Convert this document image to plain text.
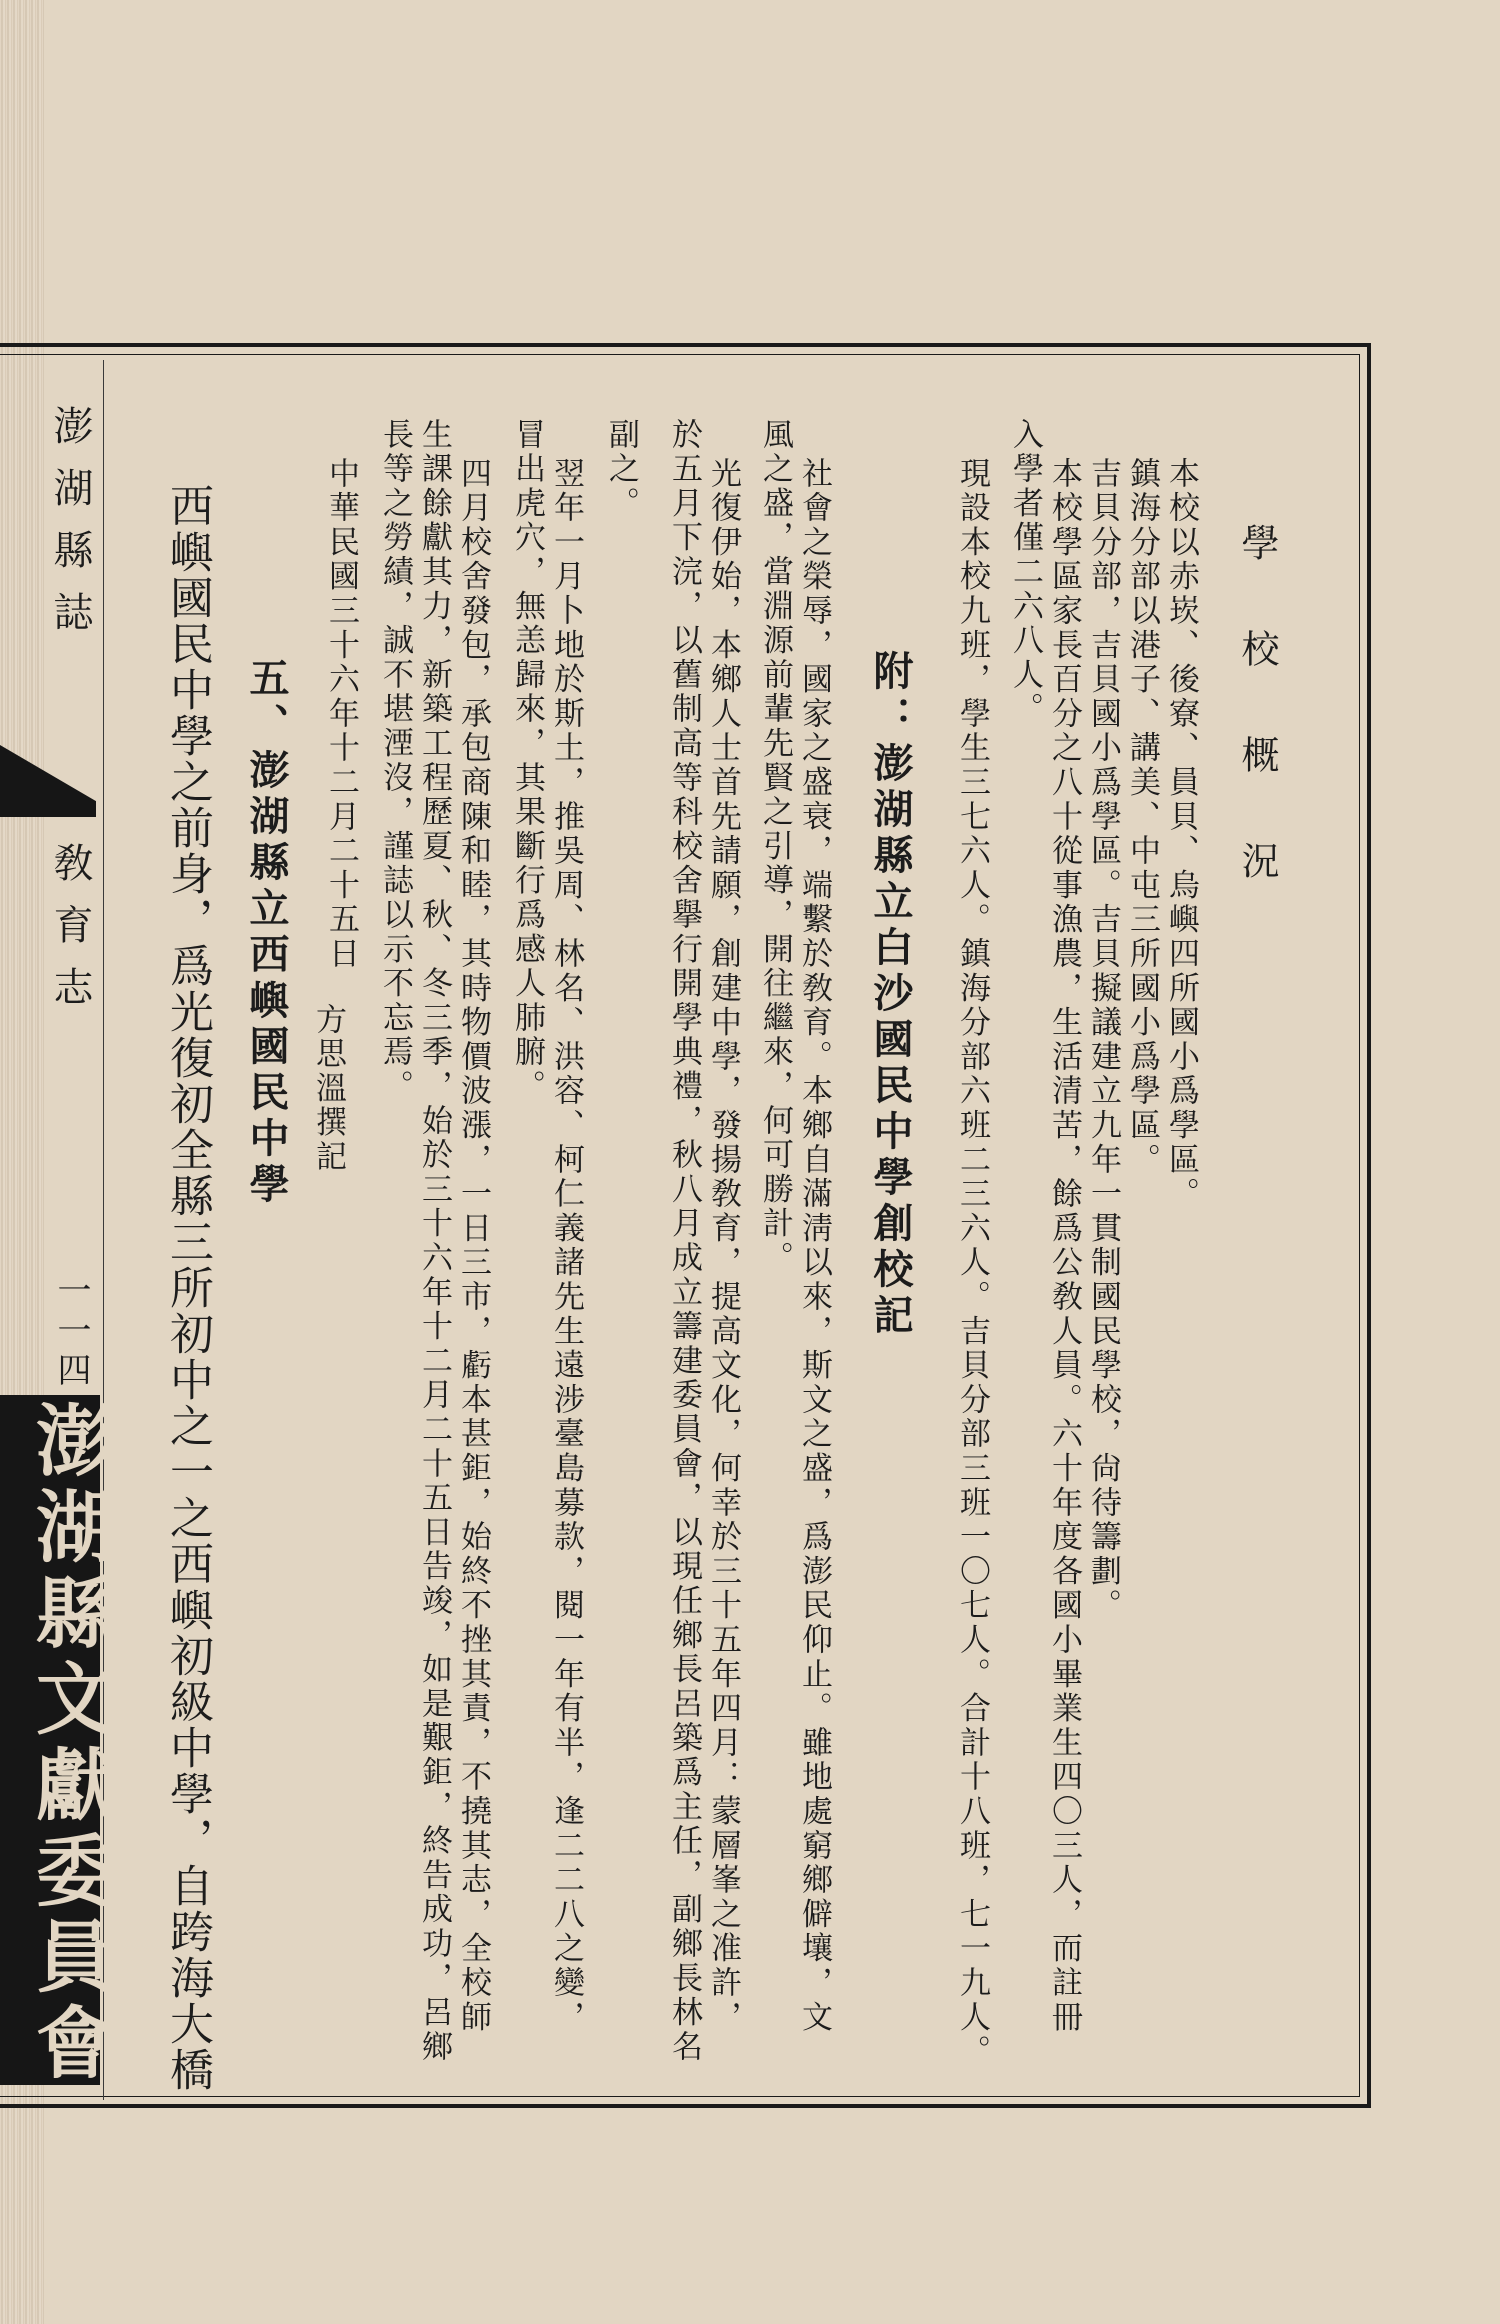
學 校 概 況
本校以赤崁、後寮、員貝、烏嶼四所國小爲學區。
鎮海分部以港子、講美、中屯三所國小爲學區。
吉貝分部，吉貝國小爲學區。吉貝擬議建立九年一貫制國民學校，尙待籌劃。
本校學區家長百分之八十從事漁農，生活清苦，餘爲公敎人員。六十年度各國小畢業生四〇三人，而註冊
入學者僅二六八人。
現設本校九班，學生三七六人。鎮海分部六班二三六人。吉貝分部三班一〇七人。合計十八班，七一九人。
附：澎湖縣立白沙國民中學創校記
社會之榮辱，國家之盛衰，端繫於敎育。本鄉自滿淸以來，斯文之盛，爲澎民仰止。雖地處窮鄉僻壤，文
風之盛，當淵源前輩先賢之引導，開往繼來，何可勝計。
光復伊始，本鄉人士首先請願，創建中學，發揚敎育，提高文化，何幸於三十五年四月：蒙層峯之准許，
於五月下浣，以舊制高等科校舍擧行開學典禮，秋八月成立籌建委員會，以現任鄉長呂築爲主任，副鄉長林名
副之。
翌年一月卜地於斯土，推吳周、林名、洪容、柯仁義諸先生遠涉臺島募款，閱一年有半，逢二二八之變，
冒出虎穴，無恙歸來，其果斷行爲感人肺腑。
四月校舍發包，承包商陳和睦，其時物價波漲，一日三市，虧本甚鉅，始終不挫其責，不撓其志，全校師
生課餘獻其力，新築工程歷夏、秋、冬三季，始於三十六年十二月二十五日告竣，如是艱鉅，終告成功，呂鄉
長等之勞績，誠不堪湮沒，謹誌以示不忘焉。
中華民國三十六年十二月二十五日
方思溫撰記
五、澎湖縣立西嶼國民中學
西嶼國民中學之前身，爲光復初全縣三所初中之一之西嶼初級中學，自跨海大橋
澎湖縣誌
敎育志
一一四
澎湖縣文獻委員會
